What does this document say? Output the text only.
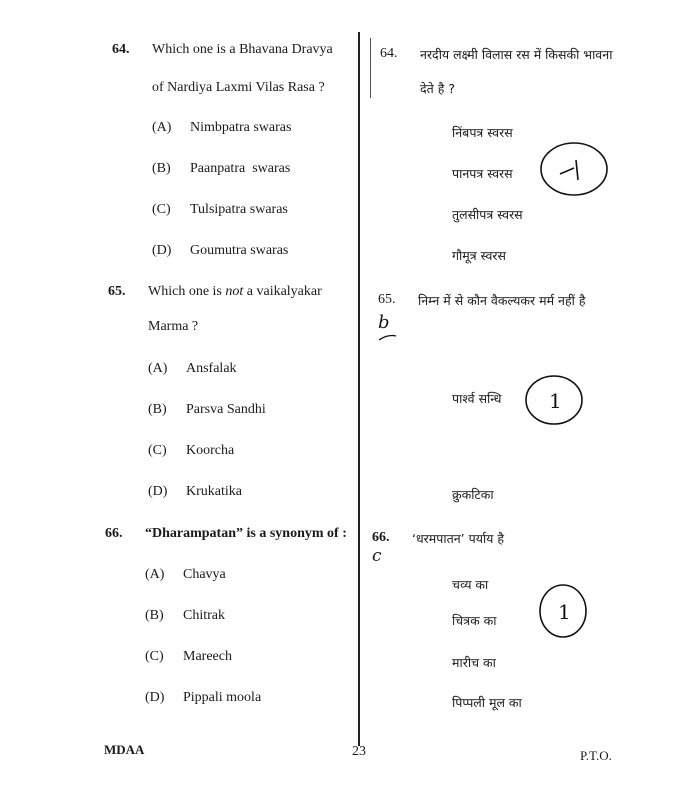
64. Which one is a Bhavana Dravya
of Nardiya Laxmi Vilas Rasa ?
(A) Nimbpatra swaras
(B) Paanpatra  swaras
(C) Tulsipatra swaras
(D) Goumutra swaras
64. नरदीय लक्ष्मी विलास रस में किसकी भावना
देते है ?
निंबपत्र स्वरस
पानपत्र स्वरस
तुलसीपत्र स्वरस
गौमूत्र स्वरस
65. Which one is not a vaikalyakar
Marma ?
(A) Ansfalak
(B) Parsva Sandhi
(C) Koorcha
(D) Krukatika
65. निम्न में से कौन वैकल्यकर मर्म नहीं है
b
पार्श्व सन्धि
क्रुकटिका
1
66. “Dharampatan” is a synonym of :
(A) Chavya
(B) Chitrak
(C) Mareech
(D) Pippali moola
66. ‘धरमपातन’ पर्याय है
c
चव्य का
चित्रक का
मारीच का
पिप्पली मूल का
1
MDAA	23	P.T.O.
